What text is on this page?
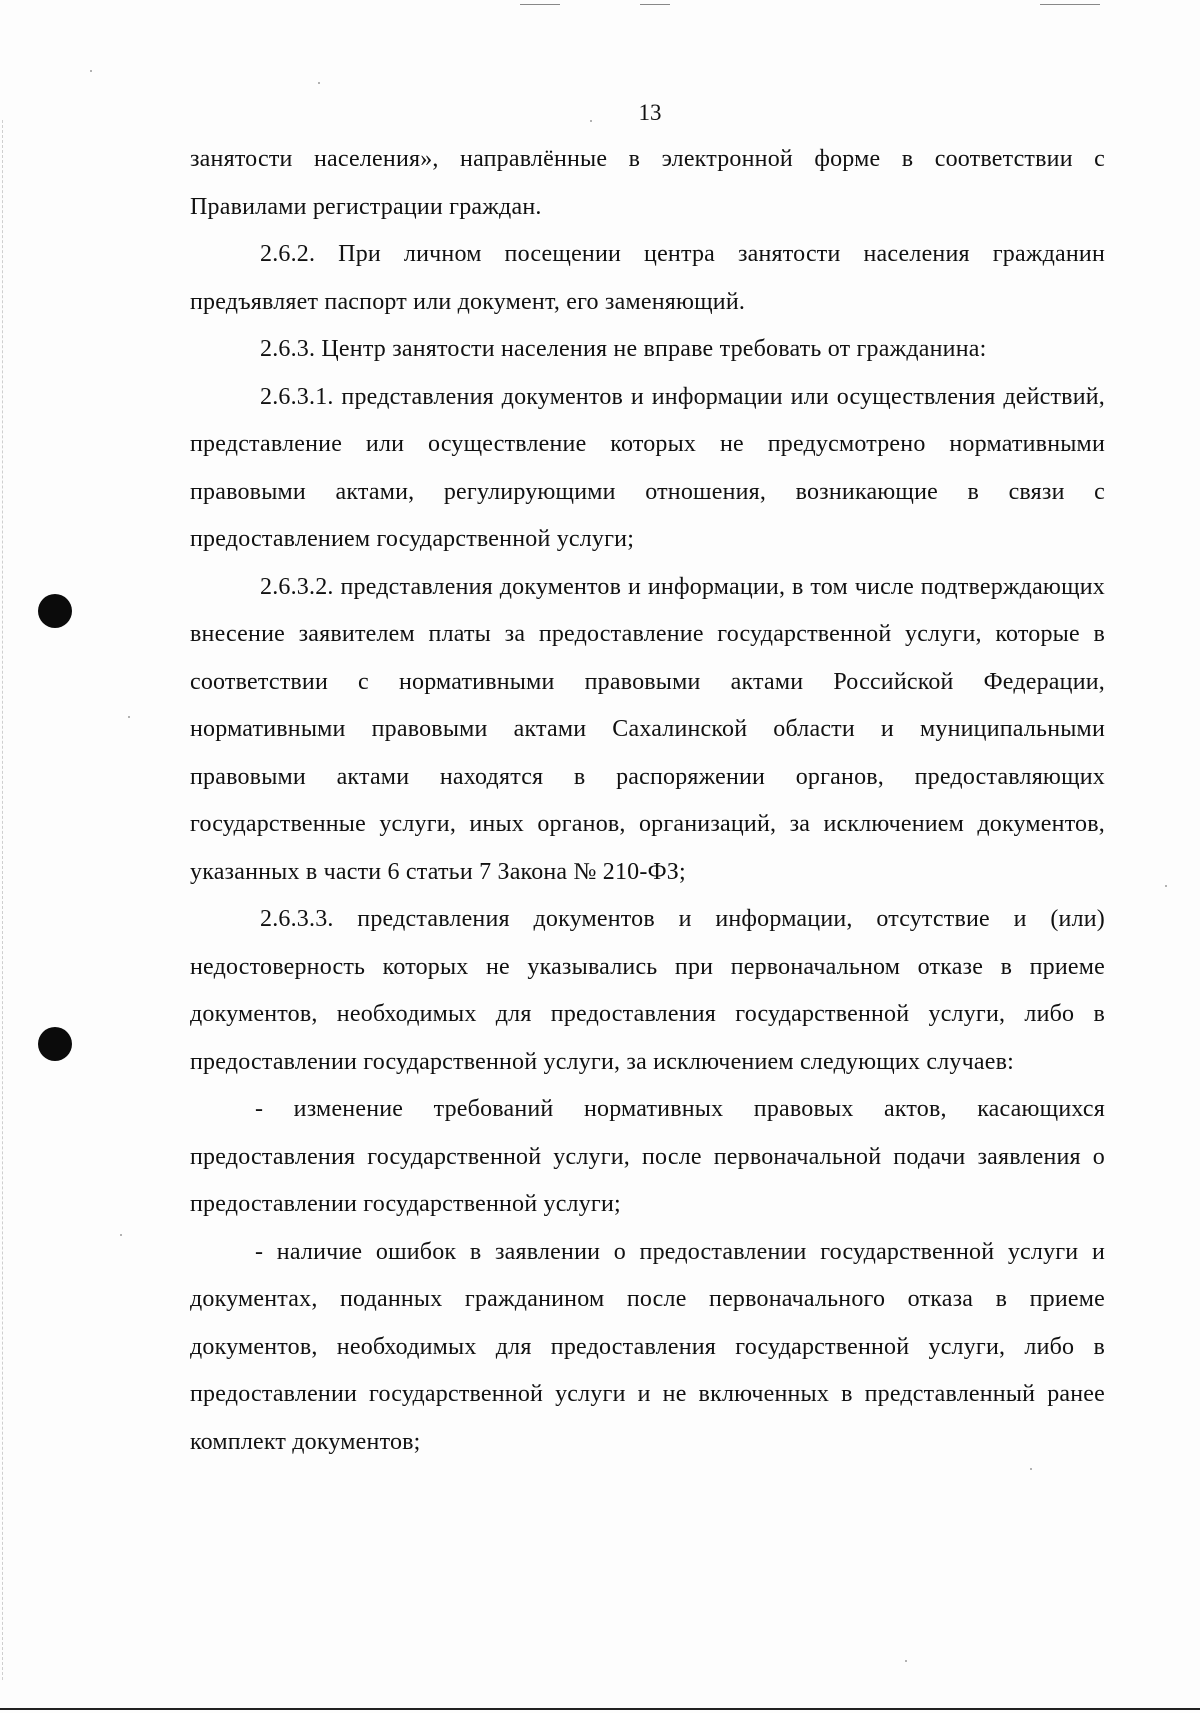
13

занятости населения», направлённые в электронной форме в соответствии с Правилами регистрации граждан.

2.6.2. При личном посещении центра занятости населения гражданин предъявляет паспорт или документ, его заменяющий.

2.6.3. Центр занятости населения не вправе требовать от гражданина:

2.6.3.1. представления документов и информации или осуществления действий, представление или осуществление которых не предусмотрено нормативными правовыми актами, регулирующими отношения, возникающие в связи с предоставлением государственной услуги;

2.6.3.2. представления документов и информации, в том числе подтверждающих внесение заявителем платы за предоставление государственной услуги, которые в соответствии с нормативными правовыми актами Российской Федерации, нормативными правовыми актами Сахалинской области и муниципальными правовыми актами находятся в распоряжении органов, предоставляющих государственные услуги, иных органов, организаций, за исключением документов, указанных в части 6 статьи 7 Закона № 210-ФЗ;

2.6.3.3. представления документов и информации, отсутствие и (или) недостоверность которых не указывались при первоначальном отказе в приеме документов, необходимых для предоставления государственной услуги, либо в предоставлении государственной услуги, за исключением следующих случаев:

- изменение требований нормативных правовых актов, касающихся предоставления государственной услуги, после первоначальной подачи заявления о предоставлении государственной услуги;

- наличие ошибок в заявлении о предоставлении государственной услуги и документах, поданных гражданином после первоначального отказа в приеме документов, необходимых для предоставления государственной услуги, либо в предоставлении государственной услуги и не включенных в представленный ранее комплект документов;
